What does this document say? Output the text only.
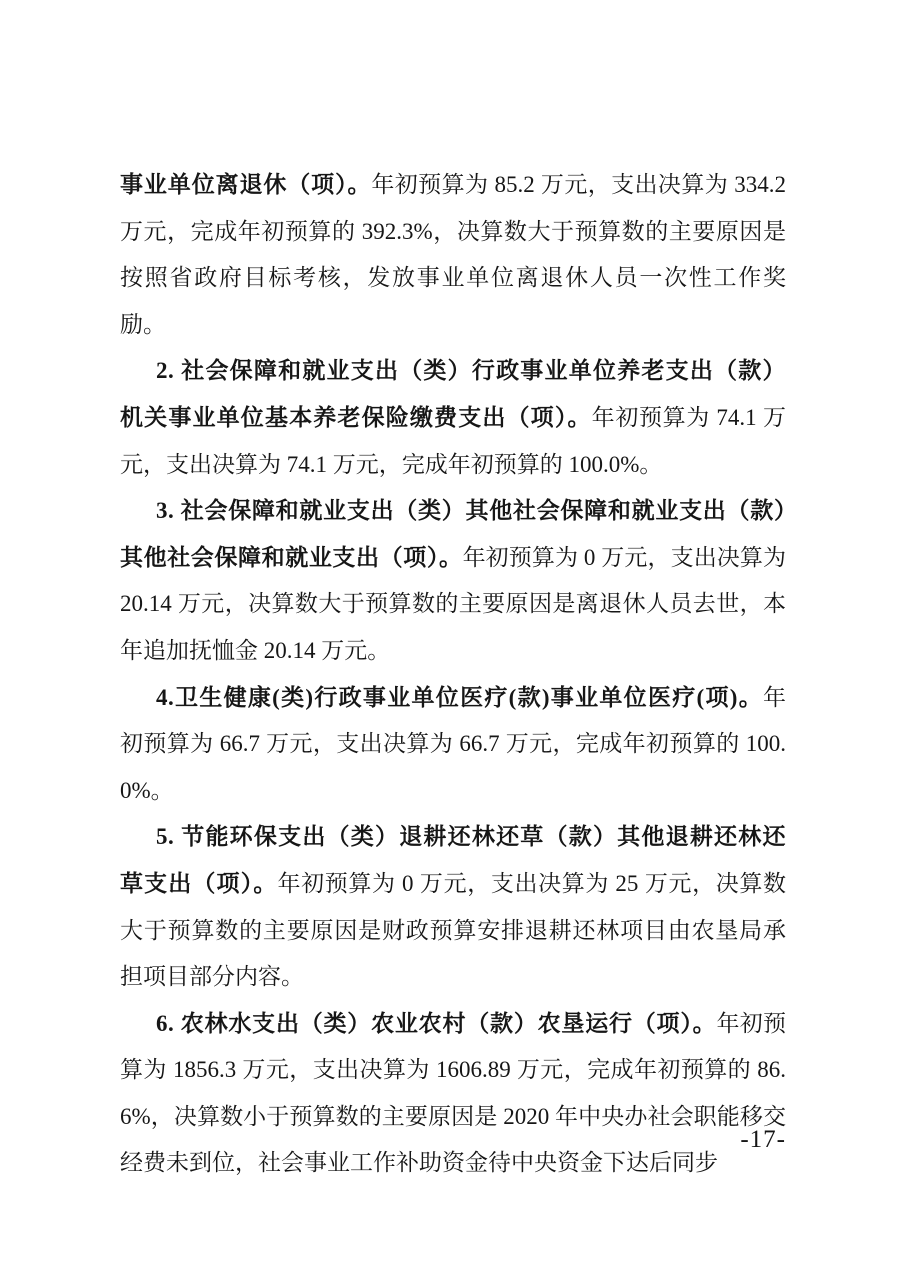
事业单位离退休（项）。年初预算为 85.2 万元，支出决算为 334.2 万元，完成年初预算的 392.3%，决算数大于预算数的主要原因是按照省政府目标考核，发放事业单位离退休人员一次性工作奖励。

2. 社会保障和就业支出（类）行政事业单位养老支出（款）机关事业单位基本养老保险缴费支出（项）。年初预算为 74.1 万元，支出决算为 74.1 万元，完成年初预算的 100.0%。

3. 社会保障和就业支出（类）其他社会保障和就业支出（款）其他社会保障和就业支出（项）。年初预算为 0 万元，支出决算为 20.14 万元，决算数大于预算数的主要原因是离退休人员去世，本年追加抚恤金 20.14 万元。

4.卫生健康(类)行政事业单位医疗(款)事业单位医疗(项)。年初预算为 66.7 万元，支出决算为 66.7 万元，完成年初预算的 100.0%。

5. 节能环保支出（类）退耕还林还草（款）其他退耕还林还草支出（项）。年初预算为 0 万元，支出决算为 25 万元，决算数大于预算数的主要原因是财政预算安排退耕还林项目由农垦局承担项目部分内容。

6. 农林水支出（类）农业农村（款）农垦运行（项）。年初预算为 1856.3 万元，支出决算为 1606.89 万元，完成年初预算的 86.6%，决算数小于预算数的主要原因是 2020 年中央办社会职能移交经费未到位，社会事业工作补助资金待中央资金下达后同步

-17-
